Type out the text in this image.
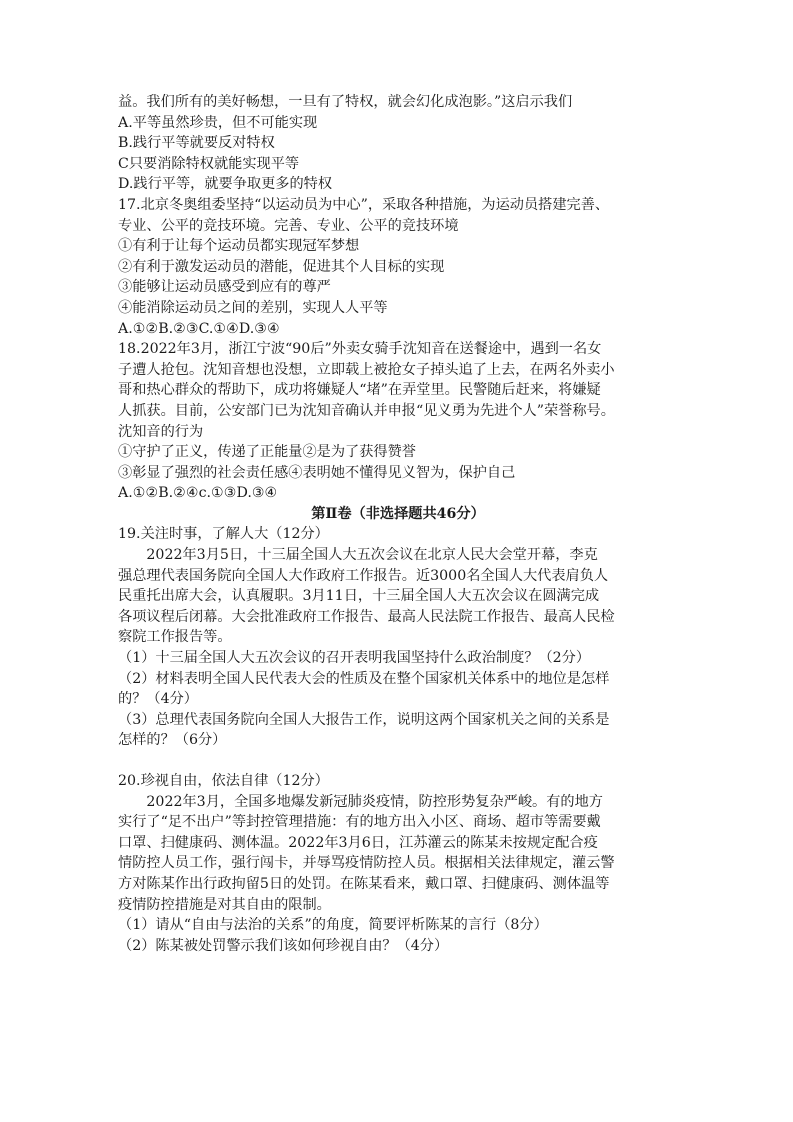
益。我们所有的美好畅想，一旦有了特权，就会幻化成泡影。”这启示我们
A.平等虽然珍贵，但不可能实现
B.践行平等就要反对特权
C只要消除特权就能实现平等
D.践行平等，就要争取更多的特权
17.北京冬奥组委坚持“以运动员为中心”，采取各种措施，为运动员搭建完善、
专业、公平的竞技环境。完善、专业、公平的竞技环境
①有利于让每个运动员都实现冠军梦想
②有利于激发运动员的潜能，促进其个人目标的实现
③能够让运动员感受到应有的尊严
④能消除运动员之间的差别，实现人人平等
A.①②B.②③C.①④D.③④
18.2022年3月，浙江宁波“90后”外卖女骑手沈知音在送餐途中，遇到一名女
子遭人抢包。沈知音想也没想，立即载上被抢女子掉头追了上去，在两名外卖小
哥和热心群众的帮助下，成功将嫌疑人“堵”在弄堂里。民警随后赶来，将嫌疑
人抓获。目前，公安部门已为沈知音确认并申报“见义勇为先进个人”荣誉称号。
沈知音的行为
①守护了正义，传递了正能量②是为了获得赞誉
③彰显了强烈的社会责任感④表明她不懂得见义智为，保护自己
A.①②B.②④c.①③D.③④
第Ⅱ卷（非选择题共46分）
19.关注时事，了解人大（12分）
2022年3月5日，十三届全国人大五次会议在北京人民大会堂开幕，李克
强总理代表国务院向全国人大作政府工作报告。近3000名全国人大代表肩负人
民重托出席大会，认真履职。3月11日，十三届全国人大五次会议在圆满完成
各项议程后闭幕。大会批准政府工作报告、最高人民法院工作报告、最高人民检
察院工作报告等。
（1）十三届全国人大五次会议的召开表明我国坚持什么政治制度？（2分）
（2）材料表明全国人民代表大会的性质及在整个国家机关体系中的地位是怎样
的？（4分）
（3）总理代表国务院向全国人大报告工作，说明这两个国家机关之间的关系是
怎样的？（6分）
20.珍视自由，依法自律（12分）
2022年3月，全国多地爆发新冠肺炎疫情，防控形势复杂严峻。有的地方
实行了“足不出户”等封控管理措施：有的地方出入小区、商场、超市等需要戴
口罩、扫健康码、测体温。2022年3月6日，江苏灌云的陈某未按规定配合疫
情防控人员工作，强行闯卡，并辱骂疫情防控人员。根据相关法律规定，灌云警
方对陈某作出行政拘留5日的处罚。在陈某看来，戴口罩、扫健康码、测体温等
疫情防控措施是对其自由的限制。
（1）请从“自由与法治的关系”的角度，简要评析陈某的言行（8分）
（2）陈某被处罚警示我们该如何珍视自由？（4分）
